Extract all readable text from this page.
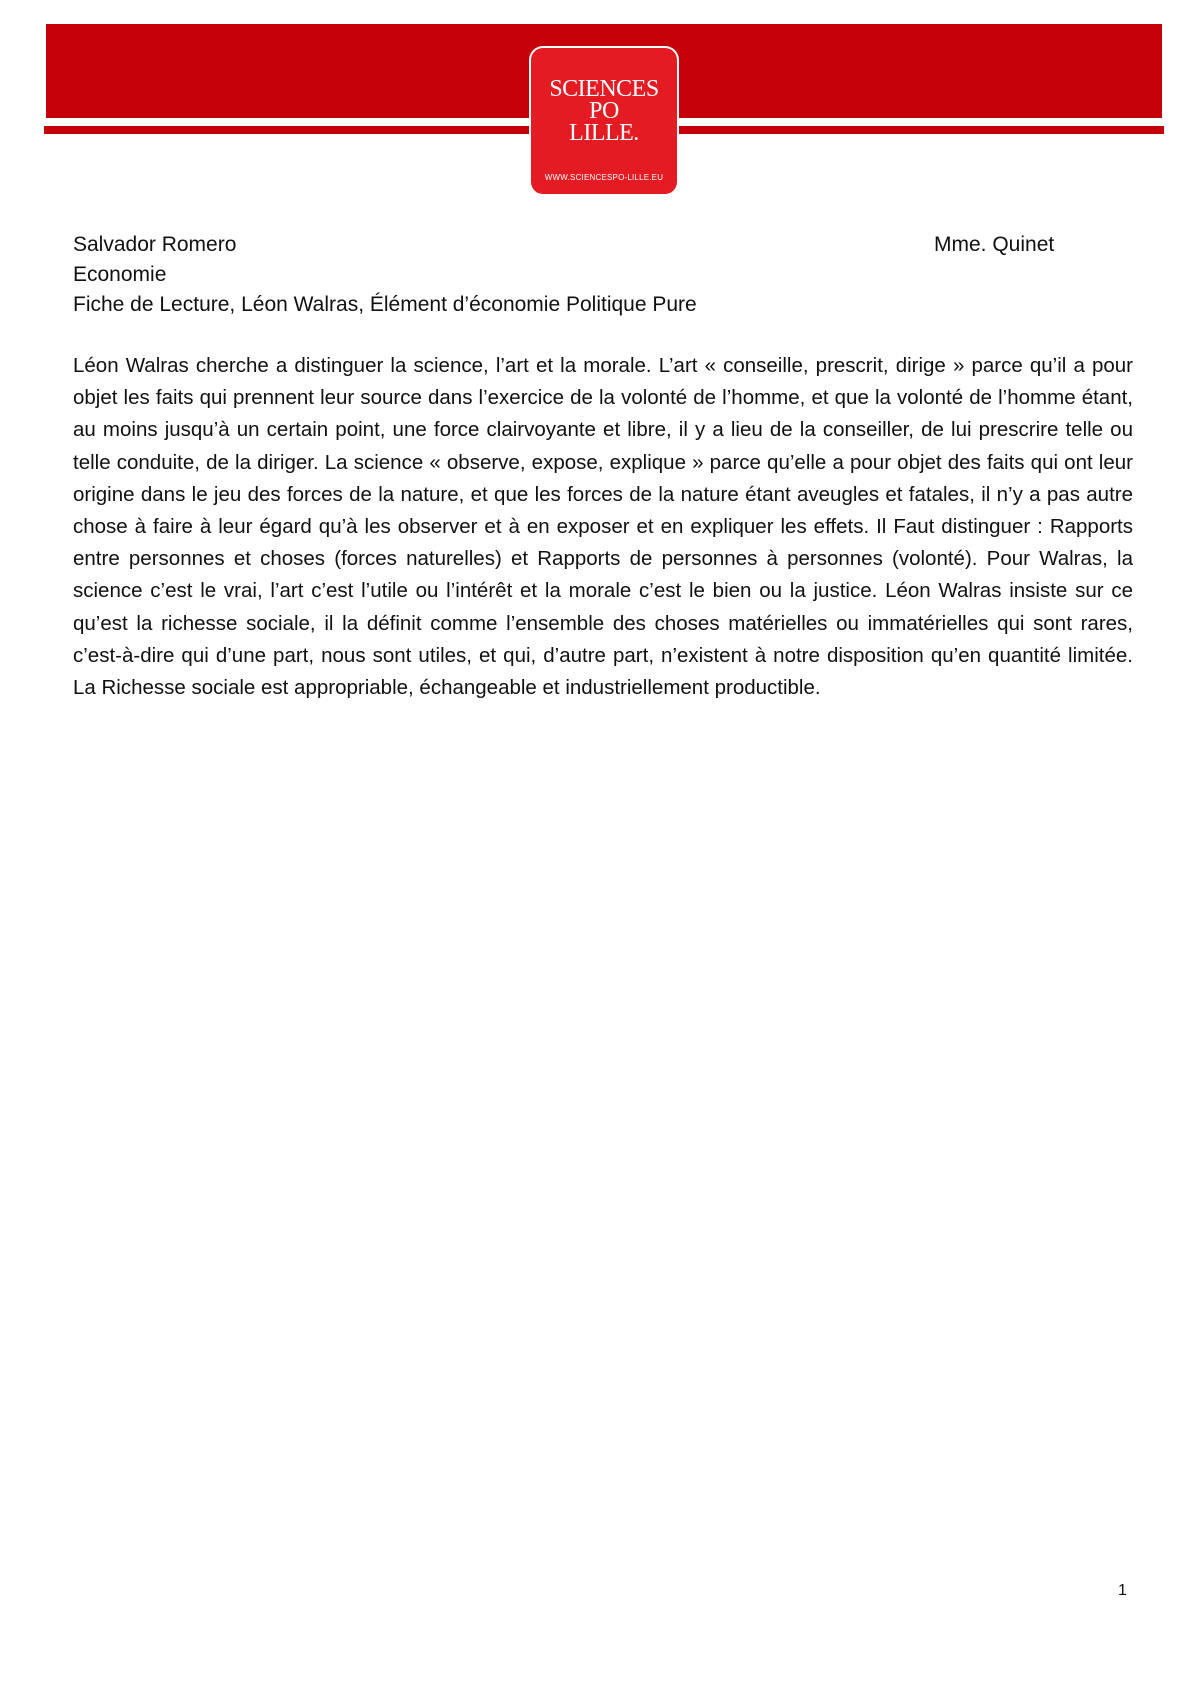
SCIENCES
PO
LILLE.
WWW.SCIENCESPO-LILLE.EU
Salvador Romero
Economie
Fiche de Lecture, Léon Walras, Élément d’économie Politique Pure
Mme. Quinet

Léon Walras cherche a distinguer la science, l’art et la morale. L’art « conseille, prescrit, dirige » parce qu’il a pour objet les faits qui prennent leur source dans l’exercice de la volonté de l’homme, et que la volonté de l’homme étant, au moins jusqu’à un certain point, une force clairvoyante et libre, il y a lieu de la conseiller, de lui prescrire telle ou telle conduite, de la diriger. La science « observe, expose, explique » parce qu’elle a pour objet des faits qui ont leur origine dans le jeu des forces de la nature, et que les forces de la nature étant aveugles et fatales, il n’y a pas autre chose à faire à leur égard qu’à les observer et à en exposer et en expliquer les effets. Il Faut distinguer : Rapports entre personnes et choses (forces naturelles) et Rapports de personnes à personnes (volonté). Pour Walras, la science c’est le vrai, l’art c’est l’utile ou l’intérêt et la morale c’est le bien ou la justice. Léon Walras insiste sur ce qu’est la richesse sociale, il la définit comme l’ensemble des choses matérielles ou immatérielles qui sont rares, c’est-à-dire qui d’une part, nous sont utiles, et qui, d’autre part, n’existent à notre disposition qu’en quantité limitée. La Richesse sociale est appropriable, échangeable et industriellement productible.

1
